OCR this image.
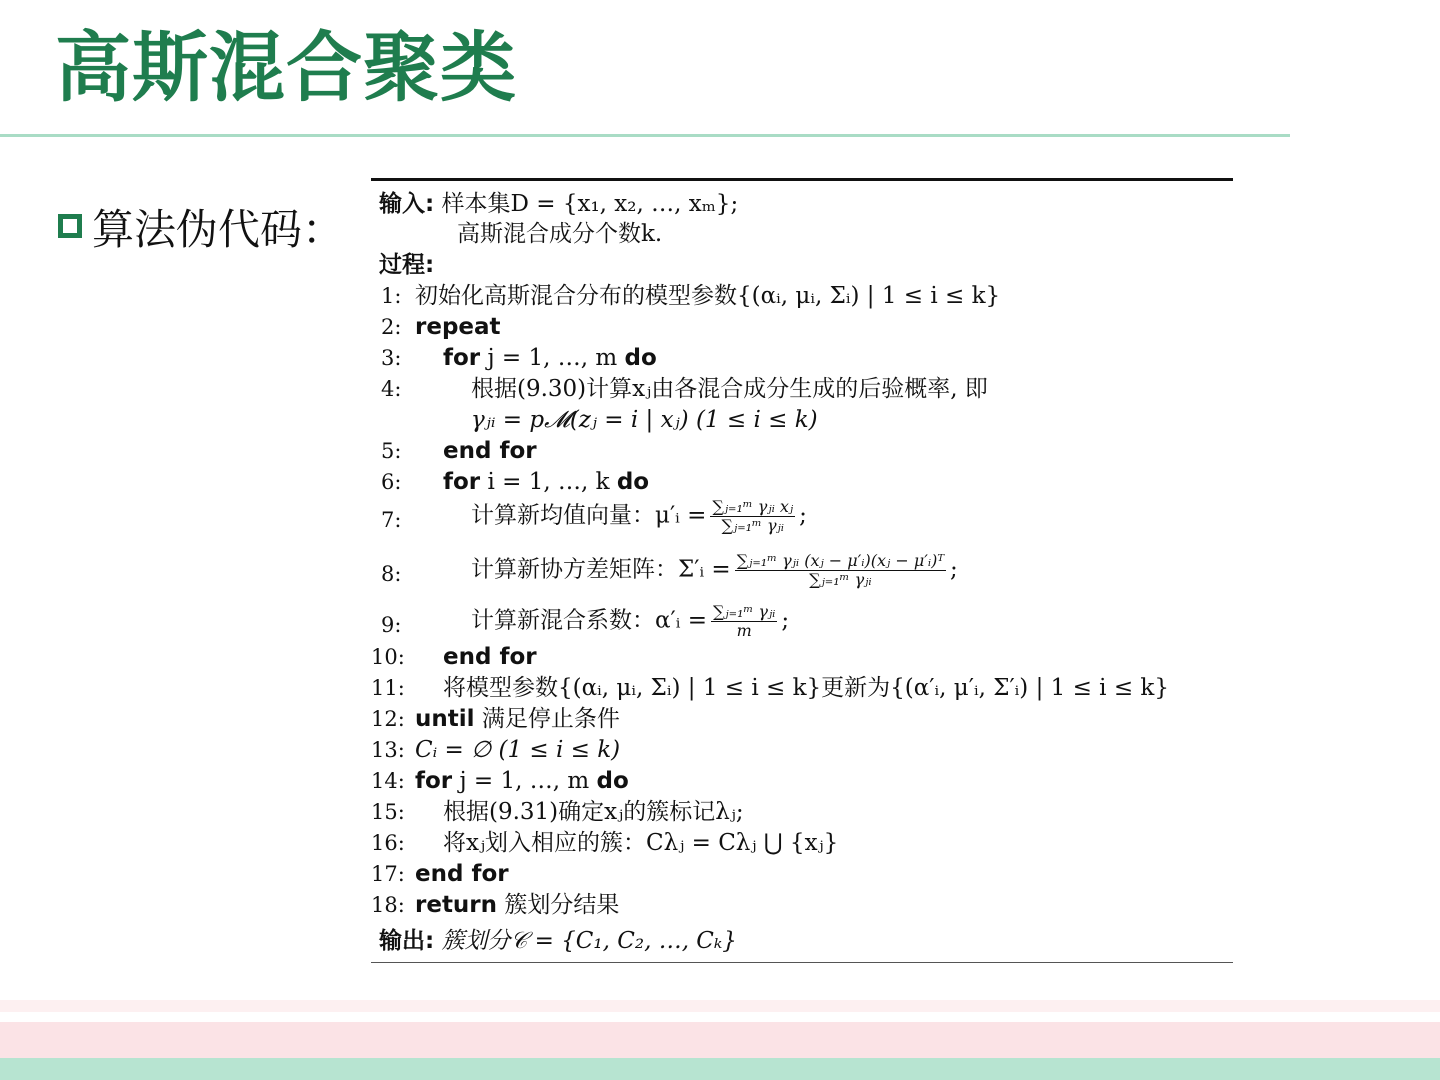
高斯混合聚类
算法伪代码：
输入: 样本集D = {x₁, x₂, …, xₘ};
高斯混合成分个数k.
过程:
1: 初始化高斯混合分布的模型参数{(αᵢ, μᵢ, Σᵢ) | 1 ≤ i ≤ k}
2: repeat
3:	for j = 1, …, m do
4:	根据(9.30)计算xⱼ由各混合成分生成的后验概率, 即
γⱼᵢ = p𝓜(zⱼ = i | xⱼ) (1 ≤ i ≤ k)
5:	end for
6:	for i = 1, …, k do
7:	计算新均值向量：μ′ᵢ = $\frac{\text{∑ⱼ₌₁ᵐ γⱼᵢ xⱼ}}{\text{∑ⱼ₌₁ᵐ γⱼᵢ}}$ ;
8:	计算新协方差矩阵：Σ′ᵢ = $\frac{\text{∑ⱼ₌₁ᵐ γⱼᵢ (xⱼ − μ′ᵢ)(xⱼ − μ′ᵢ)ᵀ}}{\text{∑ⱼ₌₁ᵐ γⱼᵢ}}$ ;
9:	计算新混合系数：α′ᵢ = $\frac{\text{∑ⱼ₌₁ᵐ γⱼᵢ}}{m}$ ;
10: end for
11: 将模型参数{(αᵢ, μᵢ, Σᵢ) | 1 ≤ i ≤ k}更新为{(α′ᵢ, μ′ᵢ, Σ′ᵢ) | 1 ≤ i ≤ k}
12: until 满足停止条件
13: Cᵢ = ∅ (1 ≤ i ≤ k)
14: for j = 1, …, m do
15: 根据(9.31)确定xⱼ的簇标记λⱼ;
16: 将xⱼ划入相应的簇：Cλⱼ = Cλⱼ ⋃ {xⱼ}
17: end for
18: return 簇划分结果
输出: 簇划分𝒞 = {C₁, C₂, …, Cₖ}
